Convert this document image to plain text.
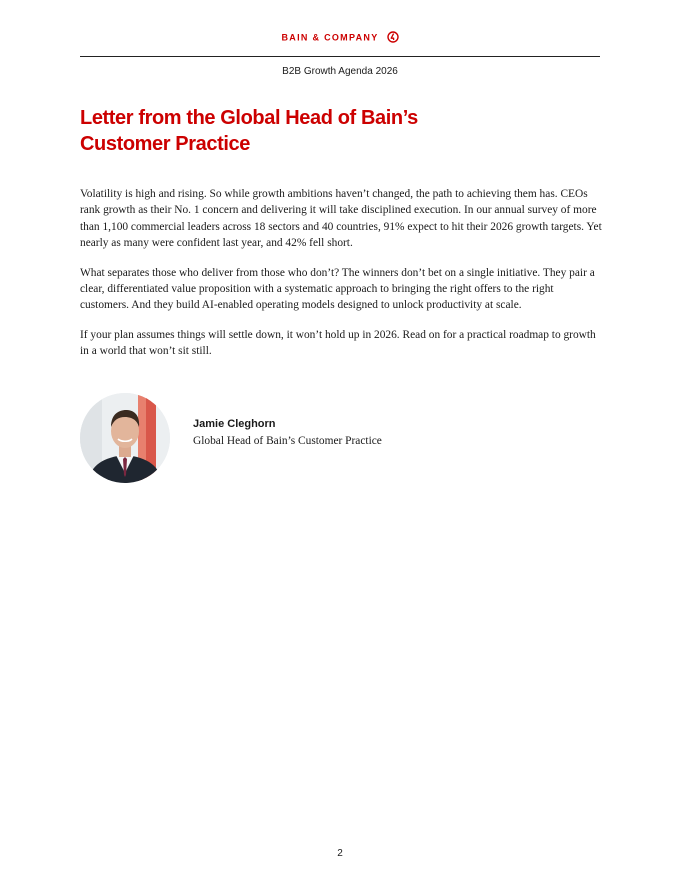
BAIN & COMPANY
B2B Growth Agenda 2026
Letter from the Global Head of Bain’s
Customer Practice

Volatility is high and rising. So while growth ambitions haven’t changed, the path to achieving them has. CEOs rank growth as their No. 1 concern and delivering it will take disciplined execution. In our annual survey of more than 1,100 commercial leaders across 18 sectors and 40 countries, 91% expect to hit their 2026 growth targets. Yet nearly as many were confident last year, and 42% fell short.

What separates those who deliver from those who don’t? The winners don’t bet on a single initiative. They pair a clear, differentiated value proposition with a systematic approach to bringing the right offers to the right customers. And they build AI-enabled operating models designed to unlock productivity at scale.

If your plan assumes things will settle down, it won’t hold up in 2026. Read on for a practical roadmap to growth in a world that won’t sit still.

Jamie Cleghorn
Global Head of Bain’s Customer Practice
2
